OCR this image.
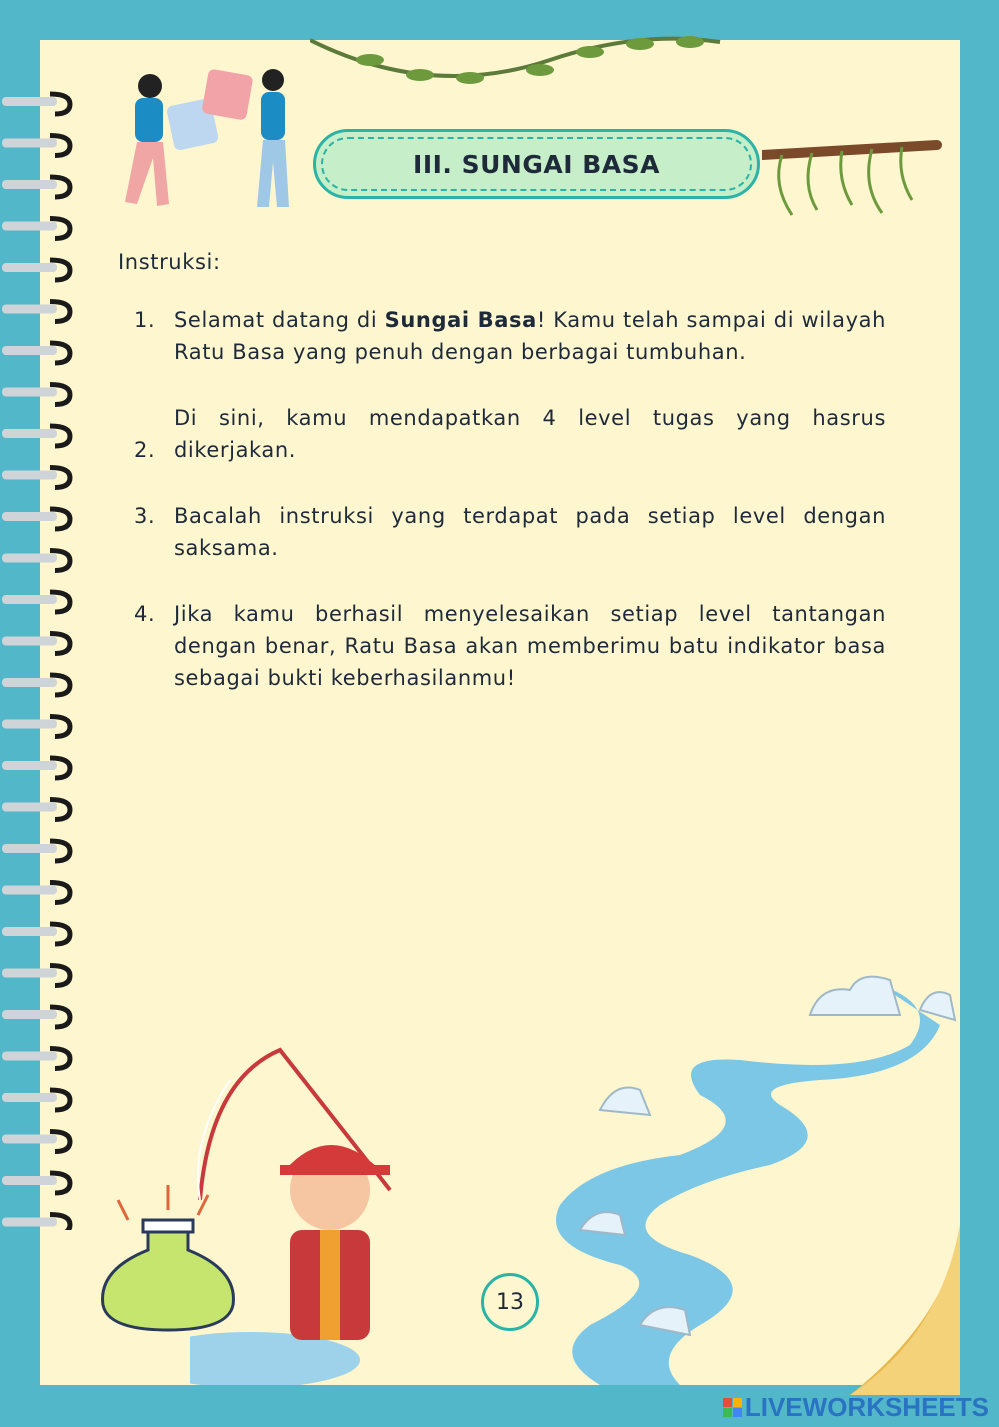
III. SUNGAI BASA
Instruksi:
1. Selamat datang di Sungai Basa! Kamu telah sampai di wilayah Ratu Basa yang penuh dengan berbagai tumbuhan.
2.
Di sini, kamu mendapatkan 4 level tugas yang hasrus dikerjakan.
3. Bacalah instruksi yang terdapat pada setiap level dengan saksama.
4. Jika kamu berhasil menyelesaikan setiap level tantangan dengan benar, Ratu Basa akan memberimu batu indikator basa sebagai bukti keberhasilanmu!
13
LIVEWORKSHEETS
